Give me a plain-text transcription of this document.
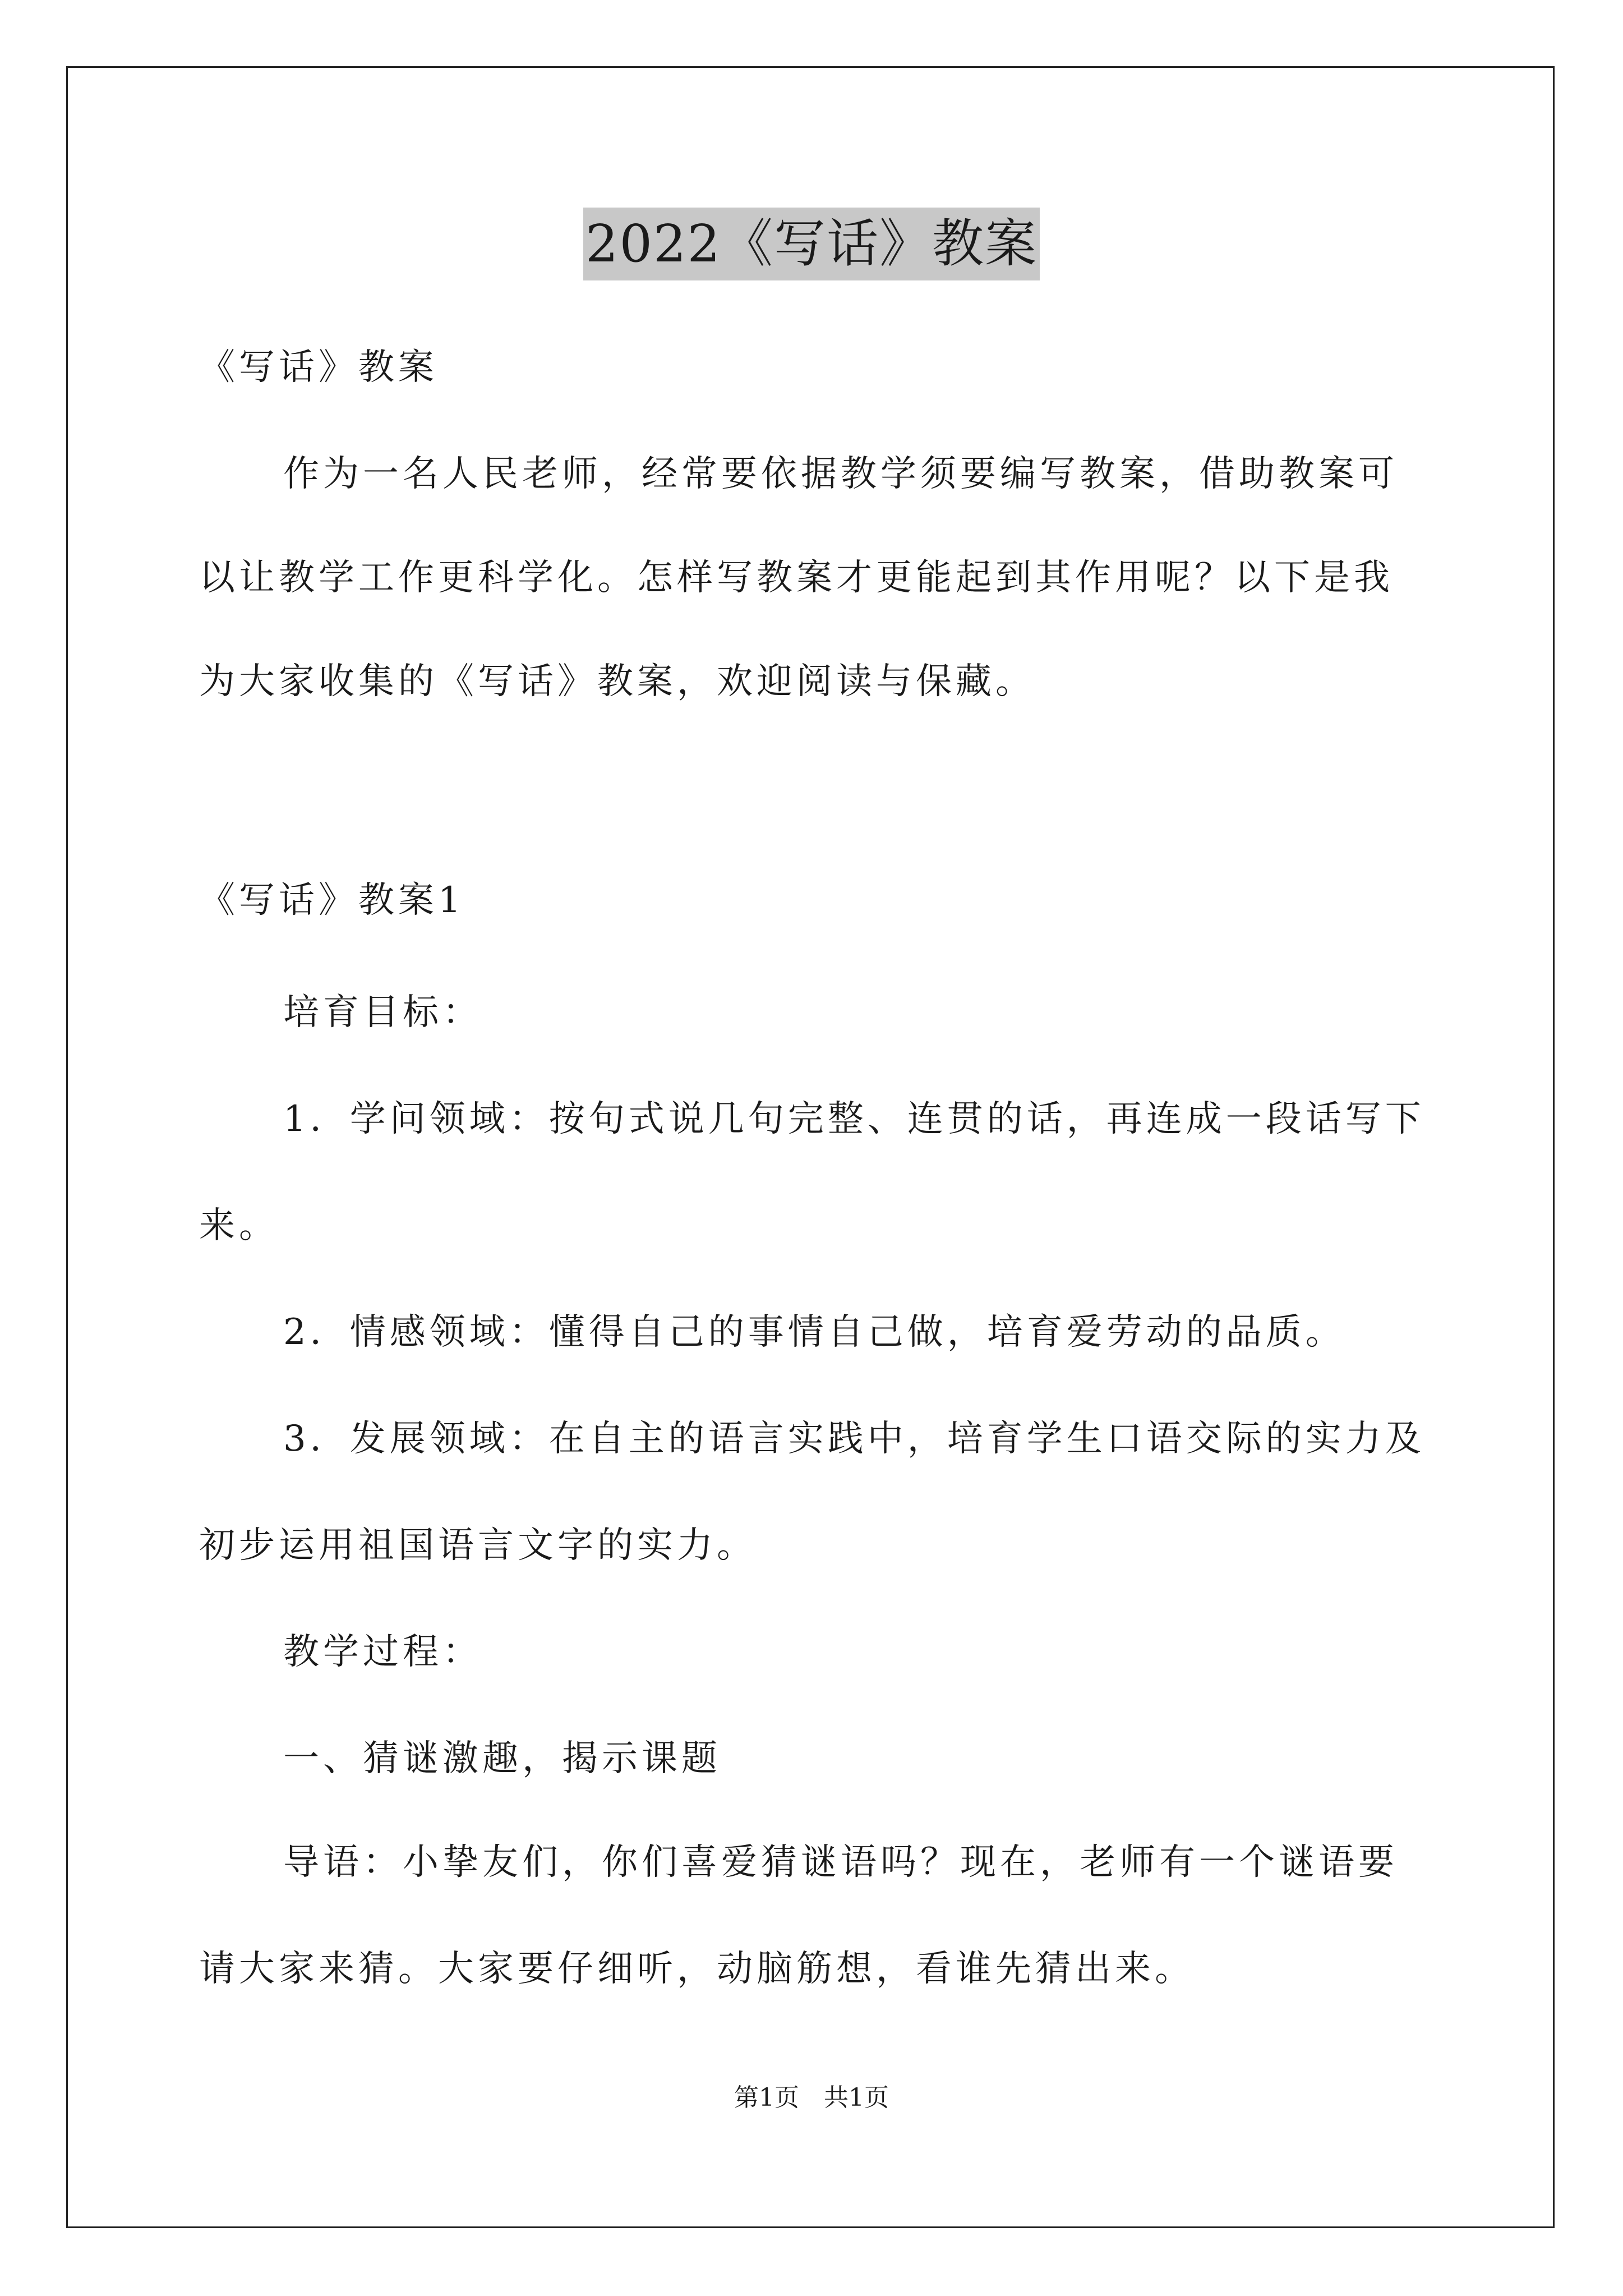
2022《写话》教案
《写话》教案
作为一名人民老师，经常要依据教学须要编写教案，借助教案可
以让教学工作更科学化。怎样写教案才更能起到其作用呢？以下是我
为大家收集的《写话》教案，欢迎阅读与保藏。
《写话》教案1
培育目标：
1．学问领域：按句式说几句完整、连贯的话，再连成一段话写下
来。
2．情感领域：懂得自己的事情自己做，培育爱劳动的品质。
3．发展领域：在自主的语言实践中，培育学生口语交际的实力及
初步运用祖国语言文字的实力。
教学过程：
一、猜谜激趣，揭示课题
导语：小挚友们，你们喜爱猜谜语吗？现在，老师有一个谜语要
请大家来猜。大家要仔细听，动脑筋想，看谁先猜出来。
第1页　共1页
